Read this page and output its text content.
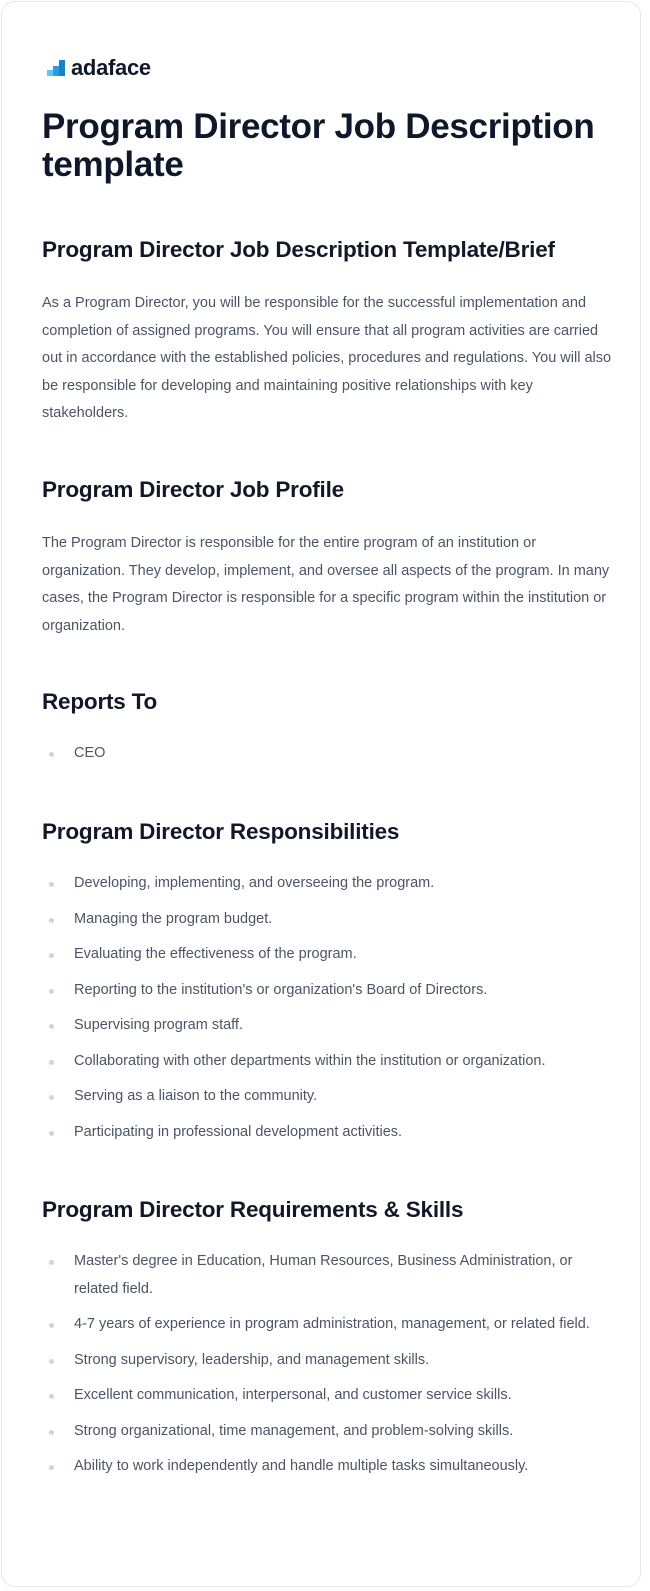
adaface
Program Director Job Description template
Program Director Job Description Template/Brief

As a Program Director, you will be responsible for the successful implementation and completion of assigned programs. You will ensure that all program activities are carried out in accordance with the established policies, procedures and regulations. You will also be responsible for developing and maintaining positive relationships with key stakeholders.

Program Director Job Profile

The Program Director is responsible for the entire program of an institution or organization. They develop, implement, and oversee all aspects of the program. In many cases, the Program Director is responsible for a specific program within the institution or organization.

Reports To
CEO
Program Director Responsibilities
Developing, implementing, and overseeing the program.
Managing the program budget.
Evaluating the effectiveness of the program.
Reporting to the institution's or organization's Board of Directors.
Supervising program staff.
Collaborating with other departments within the institution or organization.
Serving as a liaison to the community.
Participating in professional development activities.
Program Director Requirements & Skills
Master's degree in Education, Human Resources, Business Administration, or related field.
4-7 years of experience in program administration, management, or related field.
Strong supervisory, leadership, and management skills.
Excellent communication, interpersonal, and customer service skills.
Strong organizational, time management, and problem-solving skills.
Ability to work independently and handle multiple tasks simultaneously.
